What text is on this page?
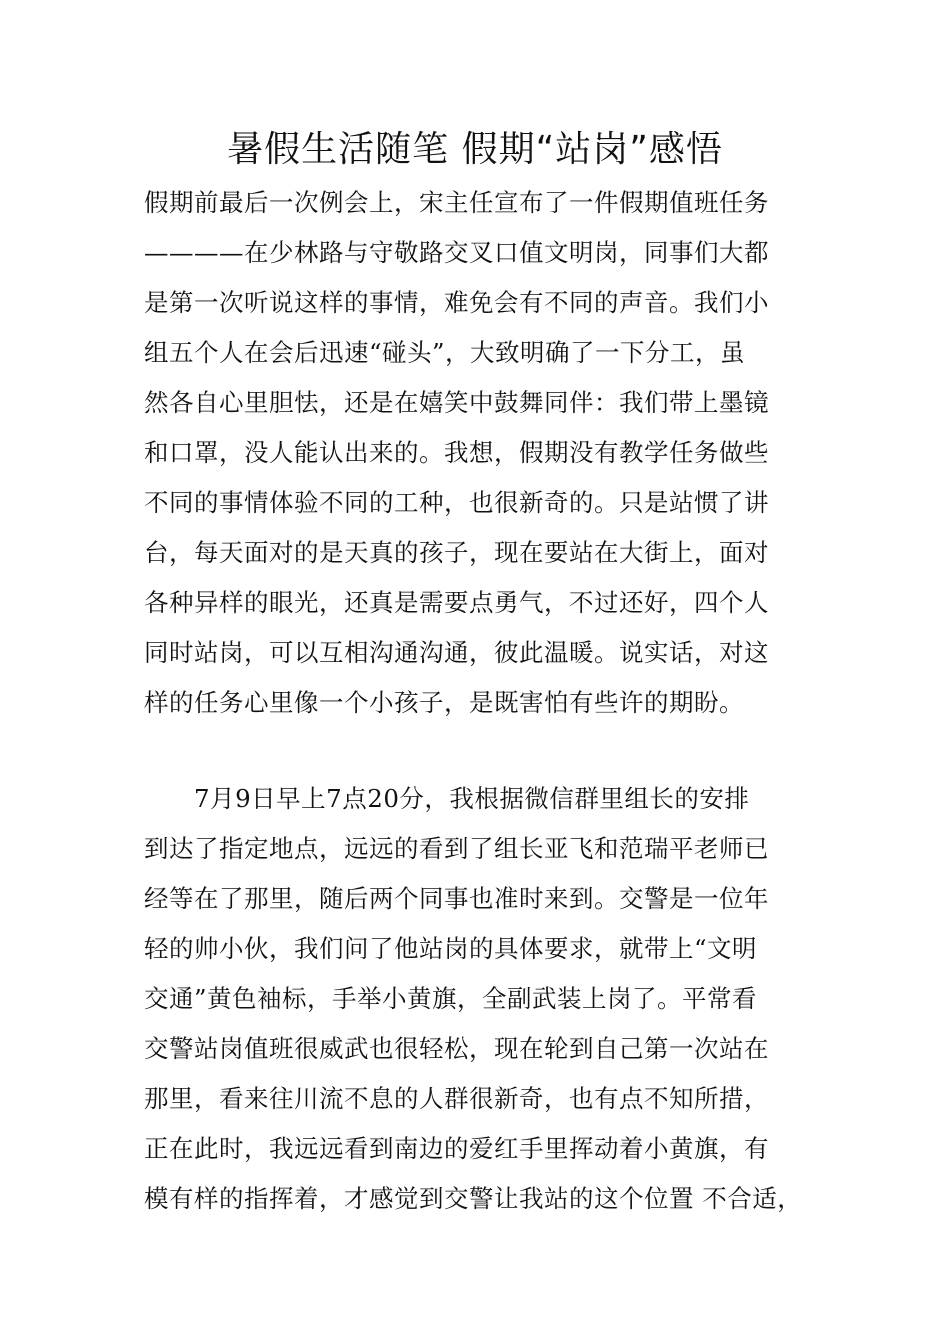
暑假生活随笔 假期“站岗”感悟
假期前最后一次例会上，宋主任宣布了一件假期值班任务
————在少林路与守敬路交叉口值文明岗，同事们大都
是第一次听说这样的事情，难免会有不同的声音。我们小
组五个人在会后迅速“碰头”，大致明确了一下分工，虽
然各自心里胆怯，还是在嬉笑中鼓舞同伴：我们带上墨镜
和口罩，没人能认出来的。我想，假期没有教学任务做些
不同的事情体验不同的工种，也很新奇的。只是站惯了讲
台，每天面对的是天真的孩子，现在要站在大街上，面对
各种异样的眼光，还真是需要点勇气，不过还好，四个人
同时站岗，可以互相沟通沟通，彼此温暖。说实话，对这
样的任务心里像一个小孩子，是既害怕有些许的期盼。
　　7月9日早上7点20分，我根据微信群里组长的安排
到达了指定地点，远远的看到了组长亚飞和范瑞平老师已
经等在了那里，随后两个同事也准时来到。交警是一位年
轻的帅小伙，我们问了他站岗的具体要求，就带上“文明
交通”黄色袖标，手举小黄旗，全副武装上岗了。平常看
交警站岗值班很威武也很轻松，现在轮到自己第一次站在
那里，看来往川流不息的人群很新奇，也有点不知所措，
正在此时，我远远看到南边的爱红手里挥动着小黄旗，有
模有样的指挥着，才感觉到交警让我站的这个位置 不合适，
